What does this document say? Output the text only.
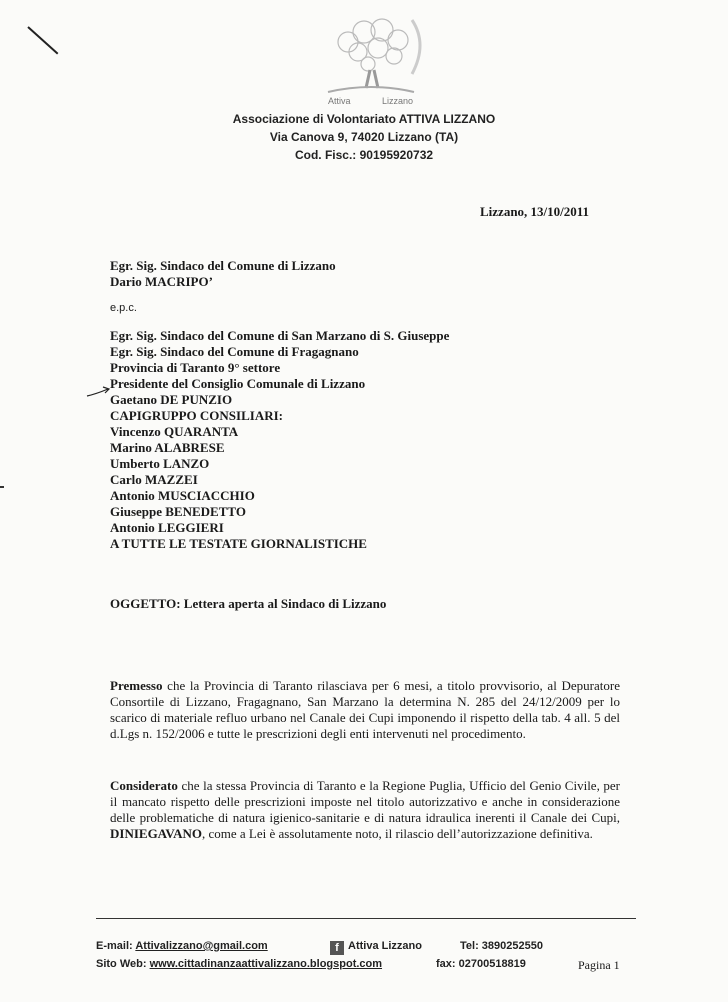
Attiva	Lizzano
Associazione di Volontariato ATTIVA LIZZANO
Via Canova 9, 74020 Lizzano (TA)
Cod. Fisc.: 90195920732
Lizzano, 13/10/2011
Egr. Sig. Sindaco del Comune di Lizzano
Dario MACRIPO’
e.p.c.
Egr. Sig. Sindaco del Comune di San Marzano di S. Giuseppe
Egr. Sig. Sindaco del Comune di Fragagnano
Provincia di Taranto 9° settore
Presidente del Consiglio Comunale di Lizzano
Gaetano DE PUNZIO
CAPIGRUPPO CONSILIARI:
Vincenzo QUARANTA
Marino ALABRESE
Umberto LANZO
Carlo MAZZEI
Antonio MUSCIACCHIO
Giuseppe BENEDETTO
Antonio LEGGIERI
A TUTTE LE TESTATE GIORNALISTICHE
OGGETTO: Lettera aperta al Sindaco di Lizzano
Premesso che la Provincia di Taranto rilasciava per 6 mesi, a titolo provvisorio, al Depuratore Consortile di Lizzano, Fragagnano, San Marzano la determina N. 285 del 24/12/2009 per lo scarico di materiale refluo urbano nel Canale dei Cupi imponendo il rispetto della tab. 4 all. 5 del d.Lgs n. 152/2006 e tutte le prescrizioni degli enti intervenuti nel procedimento.
Considerato che la stessa Provincia di Taranto e la Regione Puglia, Ufficio del Genio Civile, per il mancato rispetto delle prescrizioni imposte nel titolo autorizzativo e anche in considerazione delle problematiche di natura igienico-sanitarie e di natura idraulica inerenti il Canale dei Cupi, DINIEGAVANO, come a Lei è assolutamente noto, il rilascio dell’autorizzazione definitiva.
E-mail: Attivalizzano@gmail.com	f Attiva Lizzano	Tel: 3890252550
Sito Web: www.cittadinanzaattivalizzano.blogspot.com	fax: 02700518819	Pagina 1
